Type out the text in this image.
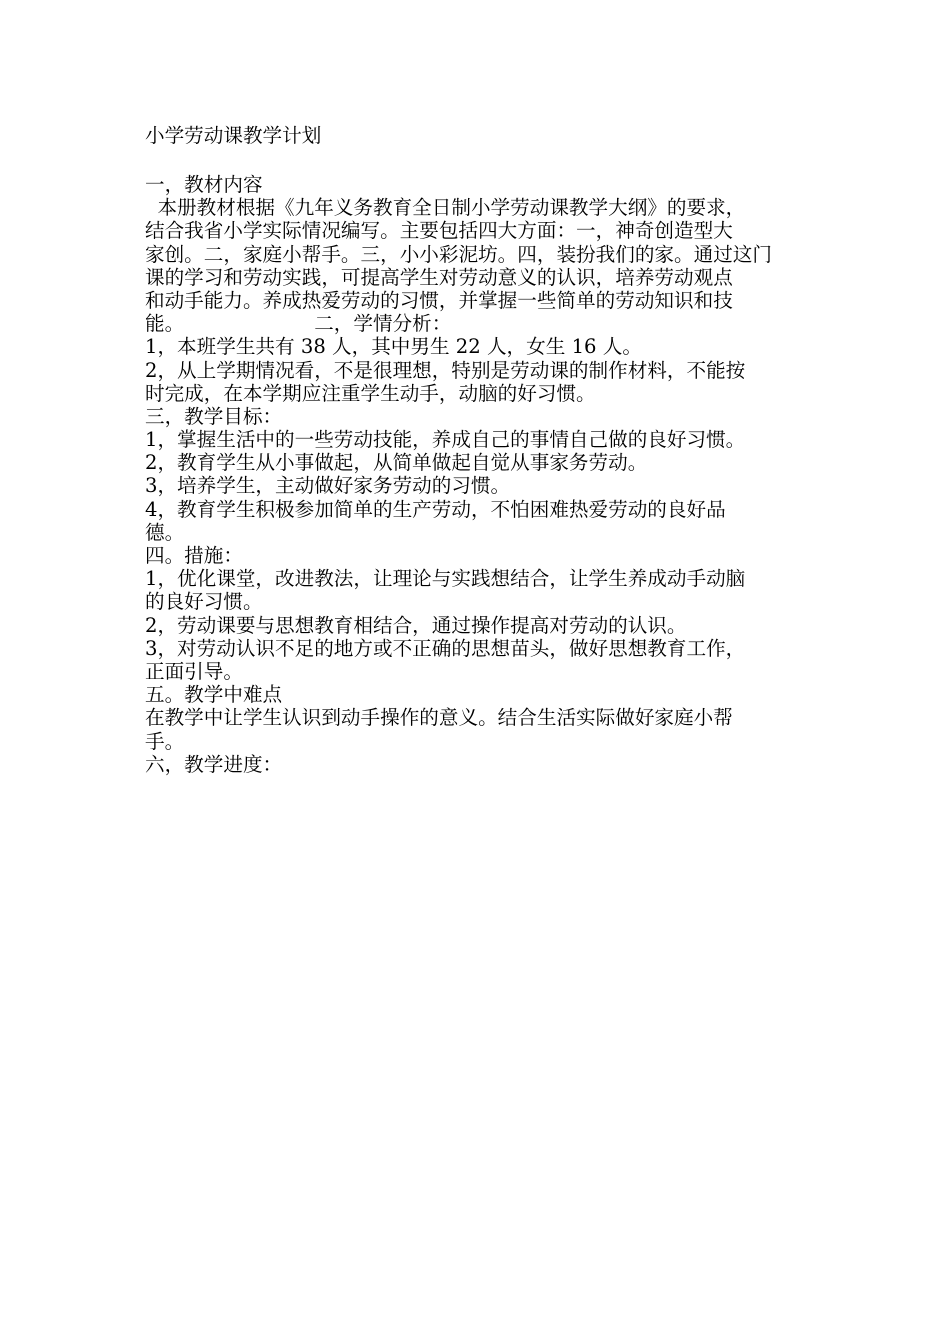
小学劳动课教学计划
一，教材内容
本册教材根据《九年义务教育全日制小学劳动课教学大纲》的要求，
结合我省小学实际情况编写。主要包括四大方面：一，神奇创造型大
家创。二，家庭小帮手。三，小小彩泥坊。四，装扮我们的家。通过这门
课的学习和劳动实践，可提高学生对劳动意义的认识，培养劳动观点
和动手能力。养成热爱劳动的习惯，并掌握一些简单的劳动知识和技
能。	二，学情分析：
1，本班学生共有 38 人，其中男生 22 人，女生 16 人。
2，从上学期情况看，不是很理想，特别是劳动课的制作材料，不能按
时完成，在本学期应注重学生动手，动脑的好习惯。
三，教学目标：
1，掌握生活中的一些劳动技能，养成自己的事情自己做的良好习惯。
2，教育学生从小事做起，从简单做起自觉从事家务劳动。
3，培养学生，主动做好家务劳动的习惯。
4，教育学生积极参加简单的生产劳动，不怕困难热爱劳动的良好品
德。
四。措施：
1，优化课堂，改进教法，让理论与实践想结合，让学生养成动手动脑
的良好习惯。
2，劳动课要与思想教育相结合，通过操作提高对劳动的认识。
3，对劳动认识不足的地方或不正确的思想苗头，做好思想教育工作，
正面引导。
五。教学中难点
在教学中让学生认识到动手操作的意义。结合生活实际做好家庭小帮
手。
六，教学进度：
